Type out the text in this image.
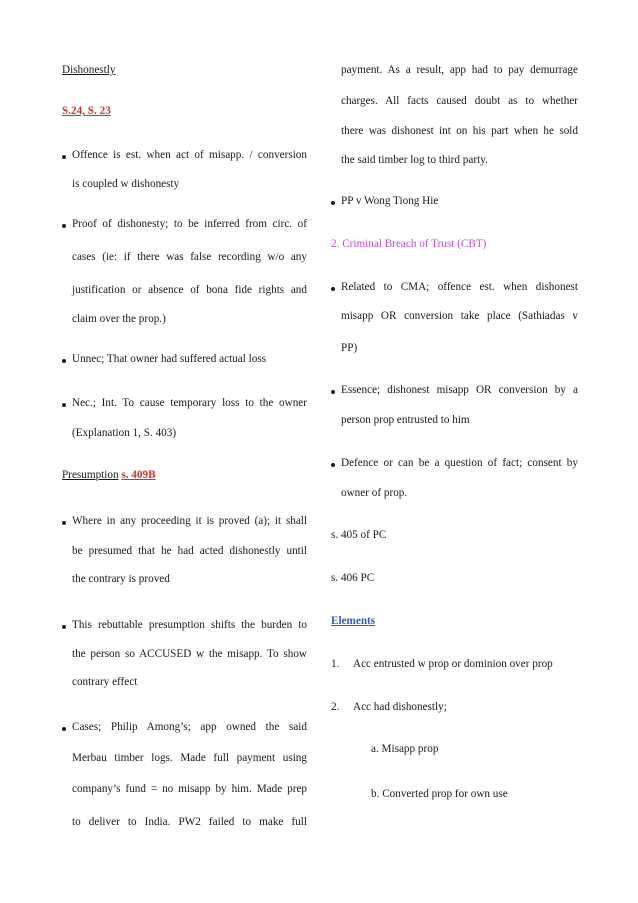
Dishonestly
S.24, S. 23
Offence is est. when act of misapp. / conversion
is coupled w dishonesty
Proof of dishonesty; to be inferred from circ. of
cases (ie: if there was false recording w/o any
justification or absence of bona fide rights and
claim over the prop.)
Unnec; That owner had suffered actual loss
Nec.; Int. To cause temporary loss to the owner
(Explanation 1, S. 403)
Presumption s. 409B
Where in any proceeding it is proved (a); it shall
be presumed that he had acted dishonestly until
the contrary is proved
This rebuttable presumption shifts the burden to
the person so ACCUSED w the misapp. To show
contrary effect
Cases; Philip Among’s; app owned the said
Merbau timber logs. Made full payment using
company’s fund = no misapp by him. Made prep
to deliver to India. PW2 failed to make full
payment. As a result, app had to pay demurrage
charges. All facts caused doubt as to whether
there was dishonest int on his part when he sold
the said timber log to third party.
PP v Wong Tiong Hie
2. Criminal Breach of Trust (CBT)
Related to CMA; offence est. when dishonest
misapp OR conversion take place (Sathiadas v
PP)
Essence; dishonest misapp OR conversion by a
person prop entrusted to him
Defence or can be a question of fact; consent by
owner of prop.
s. 405 of PC
s. 406 PC
Elements
1. Acc entrusted w prop or dominion over prop
2. Acc had dishonestly;
a. Misapp prop
b. Converted prop for own use
